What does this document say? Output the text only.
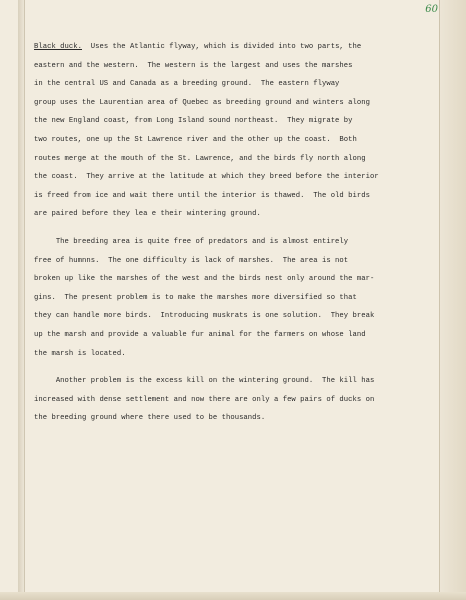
60
Black duck.  Uses the Atlantic flyway, which is divided into two parts, the
eastern and the western.  The western is the largest and uses the marshes
in the central US and Canada as a breeding ground.  The eastern flyway
group uses the Laurentian area of Quebec as breeding ground and winters along
the new England coast, from Long Island sound northeast.  They migrate by
two routes, one up the St Lawrence river and the other up the coast.  Both
routes merge at the mouth of the St. Lawrence, and the birds fly north along
the coast.  They arrive at the latitude at which they breed before the interior
is freed from ice and wait there until the interior is thawed.  The old birds
are paired before they lea e their wintering ground.
The breeding area is quite free of predators and is almost entirely
free of humnns.  The one difficulty is lack of marshes.  The area is not
broken up like the marshes of the west and the birds nest only around the mar-
gins.  The present problem is to make the marshes more diversified so that
they can handle more birds.  Introducing muskrats is one solution.  They break
up the marsh and provide a valuable fur animal for the farmers on whose land
the marsh is located.
Another problem is the excess kill on the wintering ground.  The kill has
increased with dense settlement and now there are only a few pairs of ducks on
the breeding ground where there used to be thousands.
